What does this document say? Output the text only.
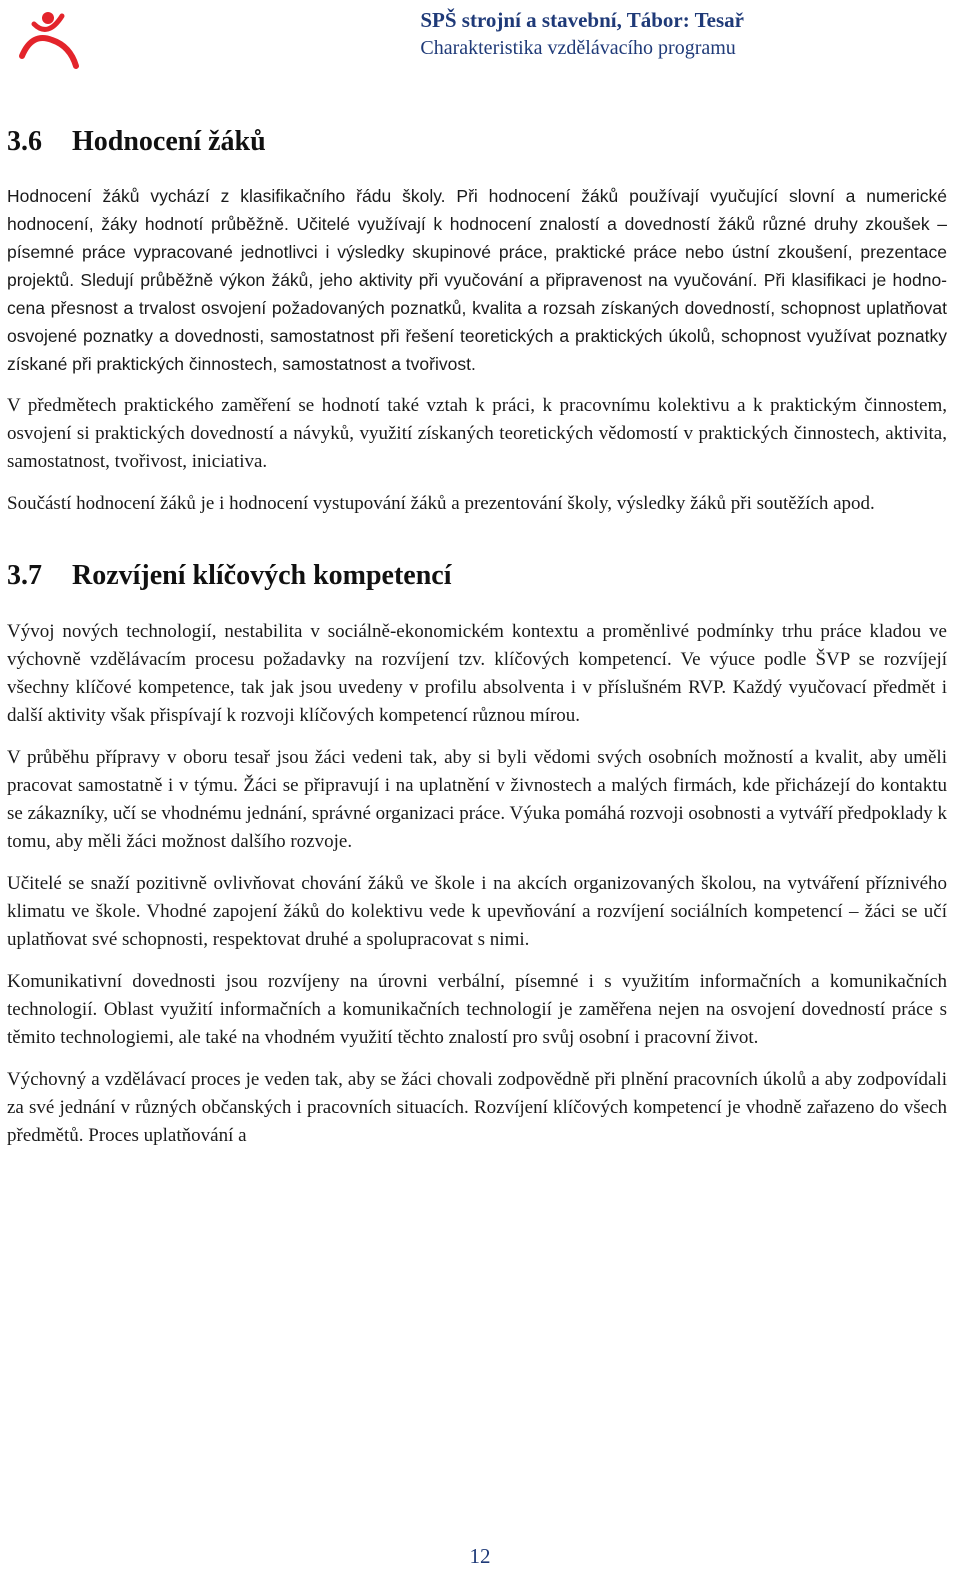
SPŠ strojní a stavební, Tábor: Tesař
Charakteristika vzdělávacího programu
3.6 Hodnocení žáků

Hodnocení žáků vychází z klasifikačního řádu školy. Při hodnocení žáků používají vyučující slovní a numerické hodnocení, žáky hodnotí průběžně. Učitelé využívají k hodnocení znalostí a dovedností žáků různé druhy zkoušek – písemné práce vypracované jednotlivci i výsledky skupinové práce, praktické práce nebo ústní zkoušení, prezentace projektů. Sledují průběžně výkon žáků, jeho aktivity při vyučování a připravenost na vyučování. Při klasifikaci je hodnocena přesnost a trvalost osvojení požadovaných poznatků, kvalita a rozsah získaných dovedností, schopnost uplatňovat osvojené poznatky a dovednosti, samostatnost při řešení teoretických a praktických úkolů, schopnost využívat poznatky získané při praktických činnostech, samostatnost a tvořivost.

V předmětech praktického zaměření se hodnotí také vztah k práci, k pracovnímu kolektivu a k praktickým činnostem, osvojení si praktických dovedností a návyků, využití získaných teoretických vědomostí v praktických činnostech, aktivita, samostatnost, tvořivost, iniciativa.

Součástí hodnocení žáků je i hodnocení vystupování žáků a prezentování školy, výsledky žáků při soutěžích apod.

3.7 Rozvíjení klíčových kompetencí

Vývoj nových technologií, nestabilita v sociálně-ekonomickém kontextu a proměnlivé podmínky trhu práce kladou ve výchovně vzdělávacím procesu požadavky na rozvíjení tzv. klíčových kompetencí. Ve výuce podle ŠVP se rozvíjejí všechny klíčové kompetence, tak jak jsou uvedeny v profilu absolventa i v příslušném RVP. Každý vyučovací předmět i další aktivity však přispívají k rozvoji klíčových kompetencí různou mírou.

V průběhu přípravy v oboru tesař jsou žáci vedeni tak, aby si byli vědomi svých osobních možností a kvalit, aby uměli pracovat samostatně i v týmu. Žáci se připravují i na uplatnění v živnostech a malých firmách, kde přicházejí do kontaktu se zákazníky, učí se vhodnému jednání, správné organizaci práce. Výuka pomáhá rozvoji osobnosti a vytváří předpoklady k tomu, aby měli žáci možnost dalšího rozvoje.

Učitelé se snaží pozitivně ovlivňovat chování žáků ve škole i na akcích organizovaných školou, na vytváření příznivého klimatu ve škole. Vhodné zapojení žáků do kolektivu vede k upevňování a rozvíjení sociálních kompetencí – žáci se učí uplatňovat své schopnosti, respektovat druhé a spolupracovat s nimi.

Komunikativní dovednosti jsou rozvíjeny na úrovni verbální, písemné i s využitím informačních a komunikačních technologií. Oblast využití informačních a komunikačních technologií je zaměřena nejen na osvojení dovedností práce s těmito technologiemi, ale také na vhodném využití těchto znalostí pro svůj osobní i pracovní život.

Výchovný a vzdělávací proces je veden tak, aby se žáci chovali zodpovědně při plnění pracovních úkolů a aby zodpovídali za své jednání v různých občanských i pracovních situacích. Rozvíjení klíčových kompetencí je vhodně zařazeno do všech předmětů. Proces uplatňování a

12
